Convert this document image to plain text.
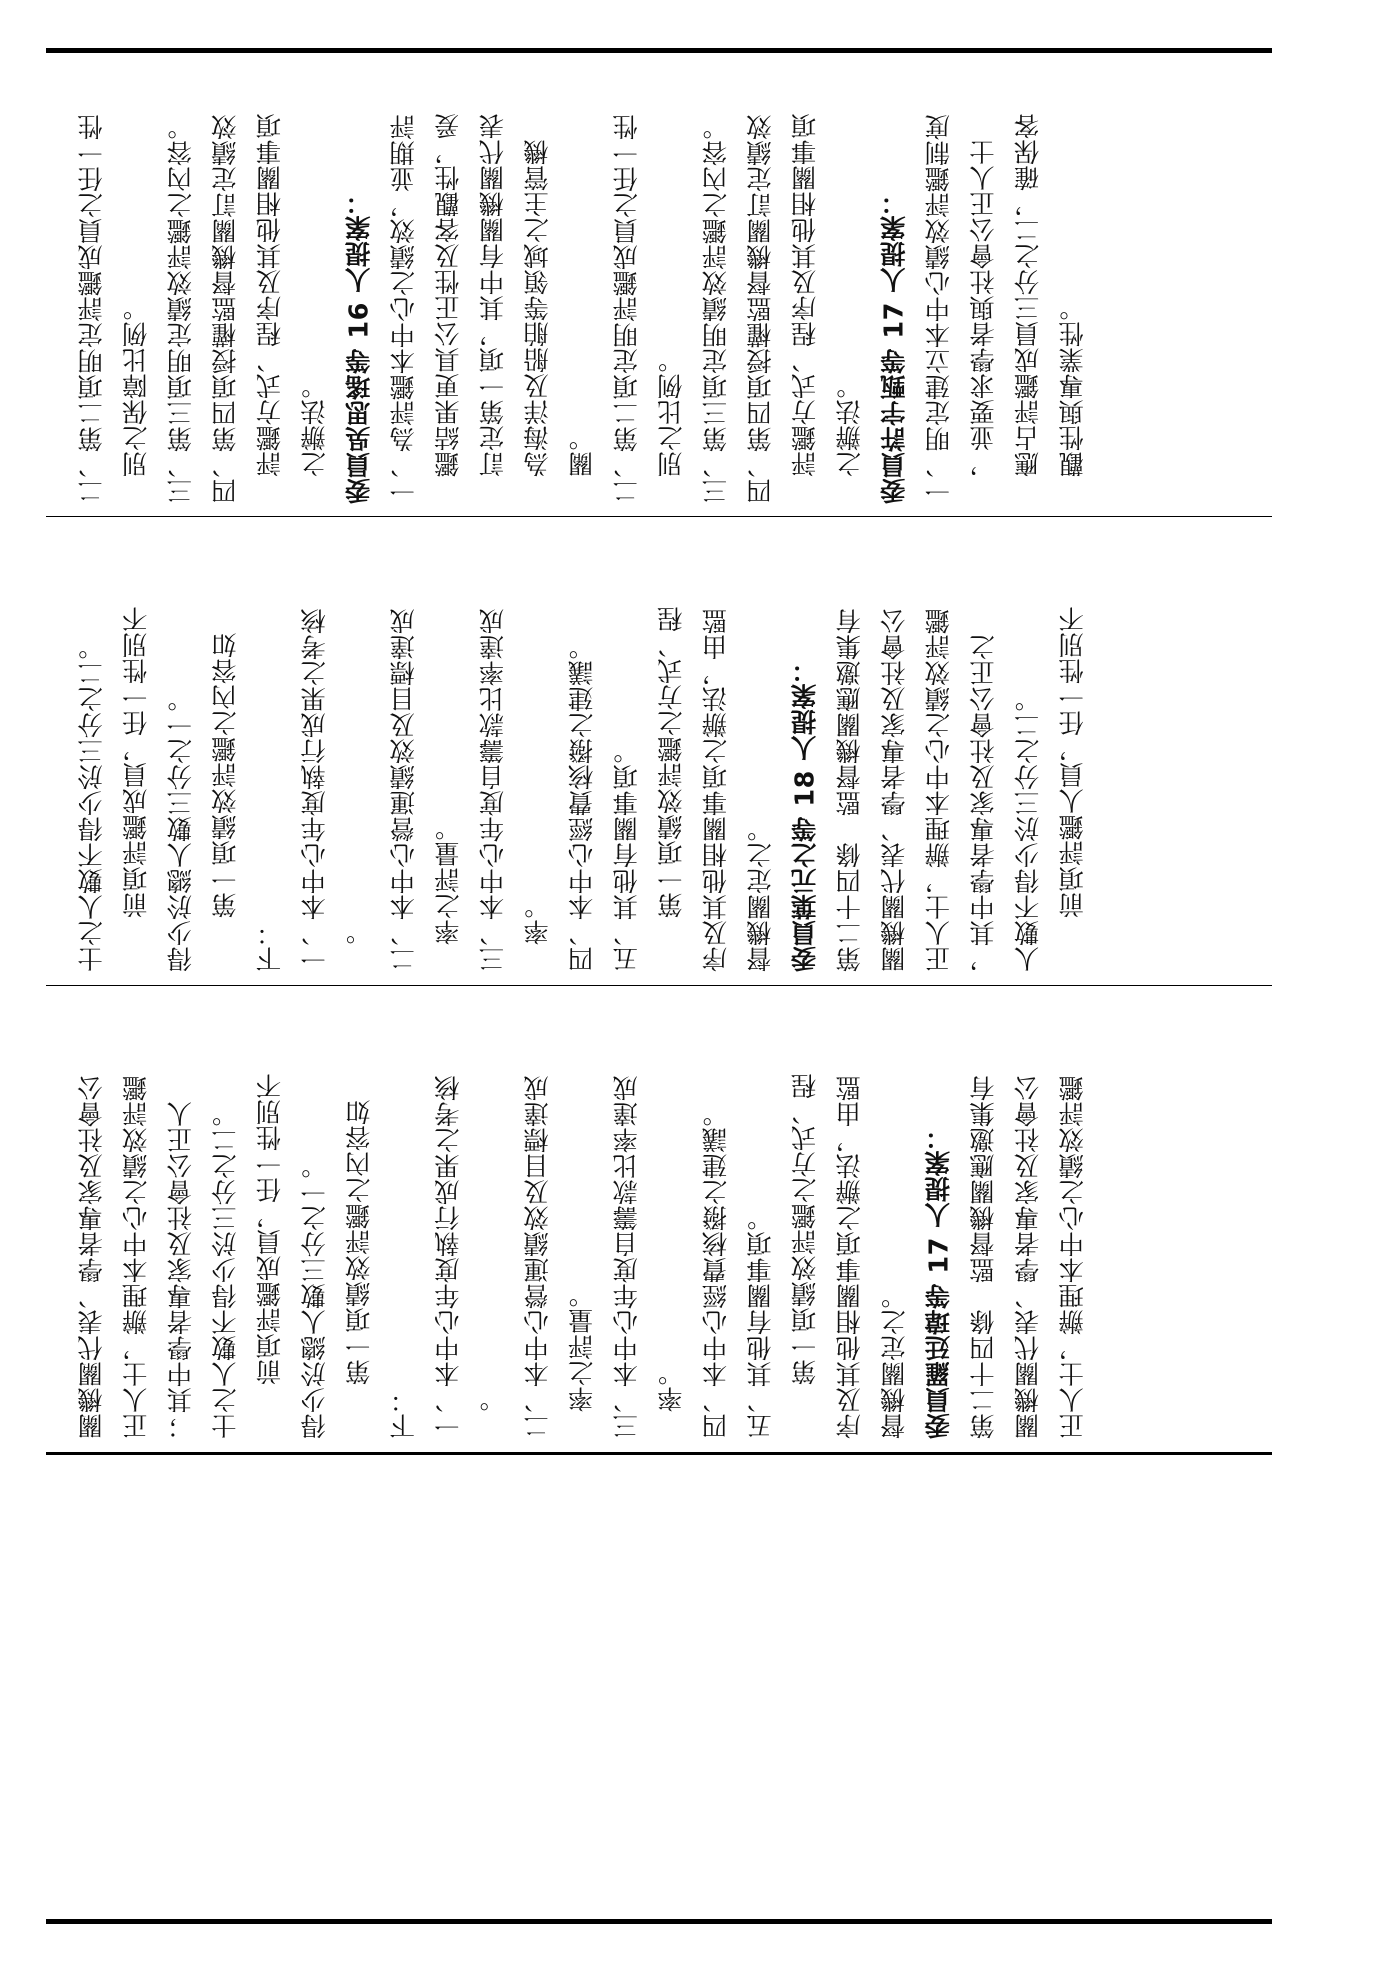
二、第二項明定評鑑成員之任一性 別之保障比例。 三、第三項明定績效評鑑之內容。 四、第四項授權監督機關訂定績效 評鑑方式、程序及其他相關事項 之辦法。 委員吳思瑤等 16 人提案： 一、為評鑑本中心之績效，並期評 鑑結果更具公正性及客觀性，爰 訂定第一項，其中有關機關代表 為海洋及船舶等領域之主管機 關。 二、第二項定明評鑑成員之任一性 別之比例。 三、第三項定明績效評鑑之內容。 四、第四項授權監督機關訂定績效 評鑑方式、程序及其他相關事項 之辦法。 委員許宇甄等 17 人提案： 一、明定建立本中心績效評鑑制度 ，並要求學者與社會公正人士 應占評鑑成員三分之二，確保客 觀性與專業性。
士之人數不得少於三分之二。 前項評鑑成員，任一性別不 得少於總人數三分之一。 第一項績效評鑑之內容如
下： 一、本中心年度執行成果之考核 。 二、本中心營運績效及目標達成 率之評量。 三、本中心年度自籌款比率達成 率。 四、本中心經費核撥之建議。 五、其他有關事項。 第一項績效評鑑之方式、程 序及其他相關事項之辦法，由監 督機關定之。 委員葉元之等 18 人提案： 第二十四條　監督機關應邀集有 關機關代表、學者專家及社會公 正人士，辦理本中心之績效評鑑 ，其中學者專家及社會公正之 人數不得少於三分之二。 前項評鑑人員，任一性別不
關機關代表、學者專家及社會公 正人士，辦理本中心之績效評鑑 ；其中學者專家及社會公正人 士之人數不得少於三分之二。 前項評鑑成員，任一性別不 得少於總人數三分之一。 第一項績效評鑑之內容如
下： 一、本中心年度執行成果之考核 。 二、本中心營運績效及目標達成 率之評量。 三、本中心年度自籌款比率達成 率。 四、本中心經費核撥之建議。 五、其他有關事項。 第一項績效評鑑之方式、程 序及其他相關事項之辦法，由監 督機關定之。 委員羅廷瑋等 17 人提案： 第二十四條　監督機關應邀集有 關機關代表、學者專家及社會公 正人士，辦理本中心之績效評鑑
